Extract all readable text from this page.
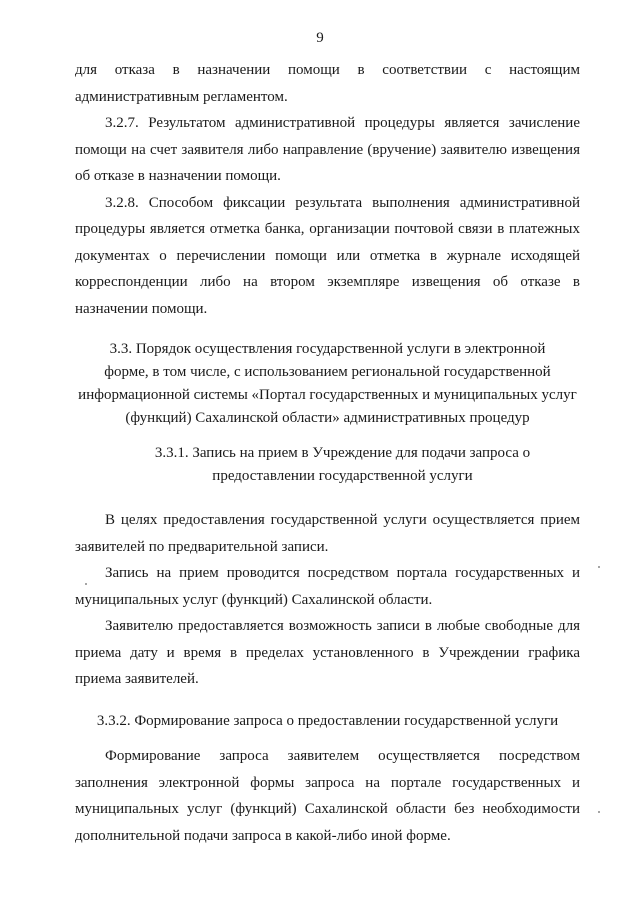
9

для отказа в назначении помощи в соответствии с настоящим административным регламентом.

3.2.7. Результатом административной процедуры является зачисление помощи на счет заявителя либо направление (вручение) заявителю извещения об отказе в назначении помощи.

3.2.8. Способом фиксации результата выполнения административной процедуры является отметка банка, организации почтовой связи в платежных документах о перечислении помощи или отметка в журнале исходящей корреспонденции либо на втором экземпляре извещения об отказе в назначении помощи.

3.3. Порядок осуществления государственной услуги в электронной
форме, в том числе, с использованием региональной государственной
информационной системы «Портал государственных и муниципальных услуг
(функций) Сахалинской области» административных процедур
3.3.1. Запись на прием в Учреждение для подачи запроса о
предоставлении государственной услуги

В целях предоставления государственной услуги осуществляется прием заявителей по предварительной записи.

Запись на прием проводится посредством портала государственных и муниципальных услуг (функций) Сахалинской области.

Заявителю предоставляется возможность записи в любые свободные для приема дату и время в пределах установленного в Учреждении графика приема заявителей.

3.3.2. Формирование запроса о предоставлении государственной услуги

Формирование запроса заявителем осуществляется посредством заполнения электронной формы запроса на портале государственных и муниципальных услуг (функций) Сахалинской области без необходимости дополнительной подачи запроса в какой-либо иной форме.
